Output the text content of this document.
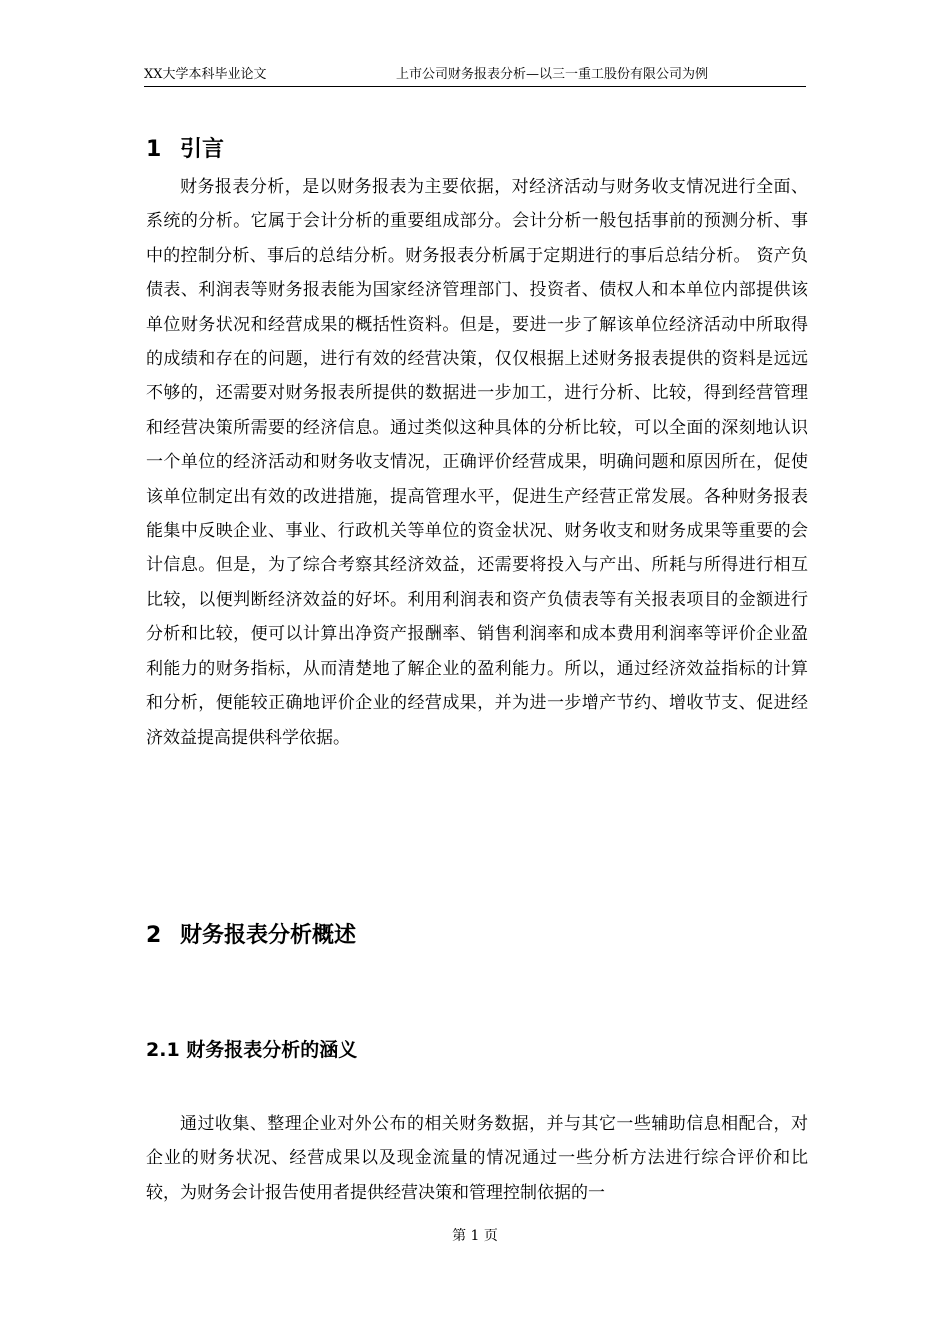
XX大学本科毕业论文	上市公司财务报表分析—以三一重工股份有限公司为例
1 引言

财务报表分析，是以财务报表为主要依据，对经济活动与财务收支情况进行全面、系统的分析。它属于会计分析的重要组成部分。会计分析一般包括事前的预测分析、事中的控制分析、事后的总结分析。财务报表分析属于定期进行的事后总结分析。 资产负债表、利润表等财务报表能为国家经济管理部门、投资者、债权人和本单位内部提供该单位财务状况和经营成果的概括性资料。但是，要进一步了解该单位经济活动中所取得的成绩和存在的问题，进行有效的经营决策，仅仅根据上述财务报表提供的资料是远远不够的，还需要对财务报表所提供的数据进一步加工，进行分析、比较，得到经营管理和经营决策所需要的经济信息。通过类似这种具体的分析比较，可以全面的深刻地认识一个单位的经济活动和财务收支情况，正确评价经营成果，明确问题和原因所在，促使该单位制定出有效的改进措施，提高管理水平，促进生产经营正常发展。各种财务报表能集中反映企业、事业、行政机关等单位的资金状况、财务收支和财务成果等重要的会计信息。但是，为了综合考察其经济效益，还需要将投入与产出、所耗与所得进行相互比较，以便判断经济效益的好坏。利用利润表和资产负债表等有关报表项目的金额进行分析和比较，便可以计算出净资产报酬率、销售利润率和成本费用利润率等评价企业盈利能力的财务指标，从而清楚地了解企业的盈利能力。所以，通过经济效益指标的计算和分析，便能较正确地评价企业的经营成果，并为进一步增产节约、增收节支、促进经济效益提高提供科学依据。

2 财务报表分析概述
2.1 财务报表分析的涵义

通过收集、整理企业对外公布的相关财务数据，并与其它一些辅助信息相配合，对企业的财务状况、经营成果以及现金流量的情况通过一些分析方法进行综合评价和比较，为财务会计报告使用者提供经营决策和管理控制依据的一

第 1 页
